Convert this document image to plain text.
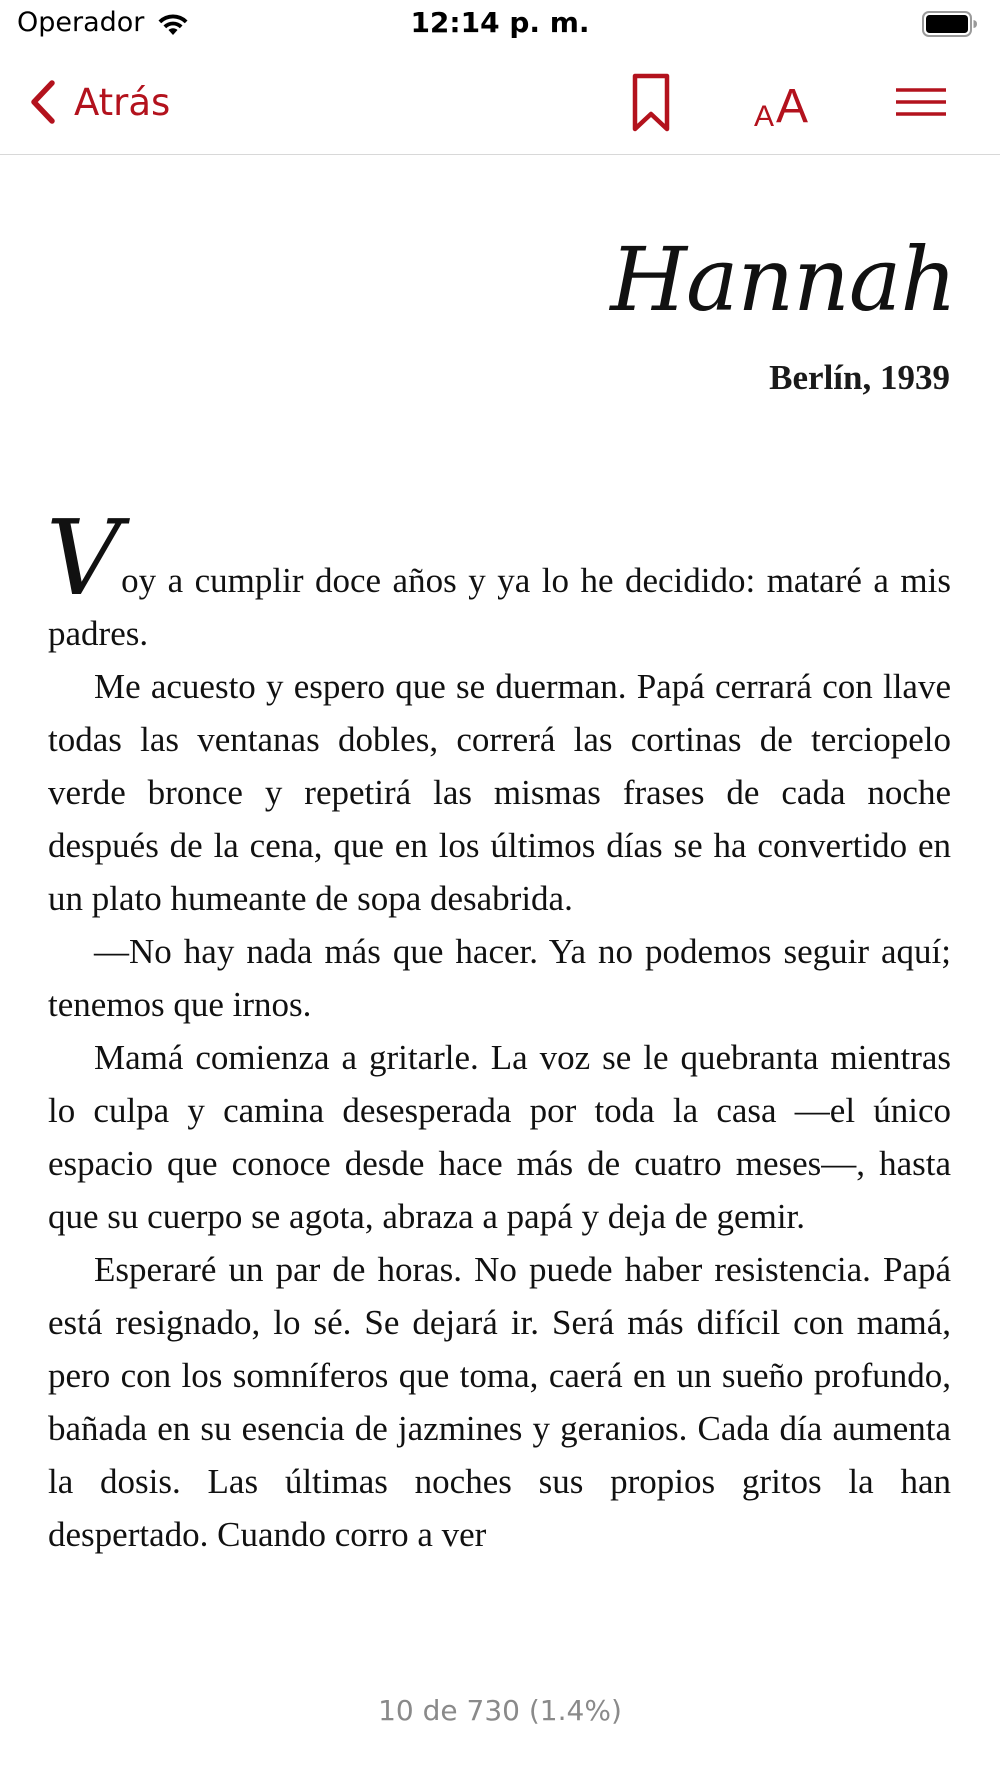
Operador	12:14 p. m.
Atrás	A A
Hannah
Berlín, 1939

Voy a cumplir doce años y ya lo he decidido: mataré a mis padres.

Me acuesto y espero que se duerman. Papá cerrará con llave todas las ventanas dobles, correrá las cortinas de terciopelo verde bronce y repetirá las mismas frases de cada noche después de la cena, que en los últimos días se ha convertido en un plato humeante de sopa desabrida.

—No hay nada más que hacer. Ya no podemos seguir aquí; tenemos que irnos.

Mamá comienza a gritarle. La voz se le quebranta mientras lo culpa y camina desesperada por toda la casa —el único espacio que conoce desde hace más de cuatro meses—, hasta que su cuerpo se agota, abraza a papá y deja de gemir.

Esperaré un par de horas. No puede haber resistencia. Papá está resignado, lo sé. Se dejará ir. Será más difícil con mamá, pero con los somníferos que toma, caerá en un sueño profundo, bañada en su esencia de jazmines y geranios. Cada día aumenta la dosis. Las últimas noches sus propios gritos la han despertado. Cuando corro a ver

10 de 730 (1.4%)
